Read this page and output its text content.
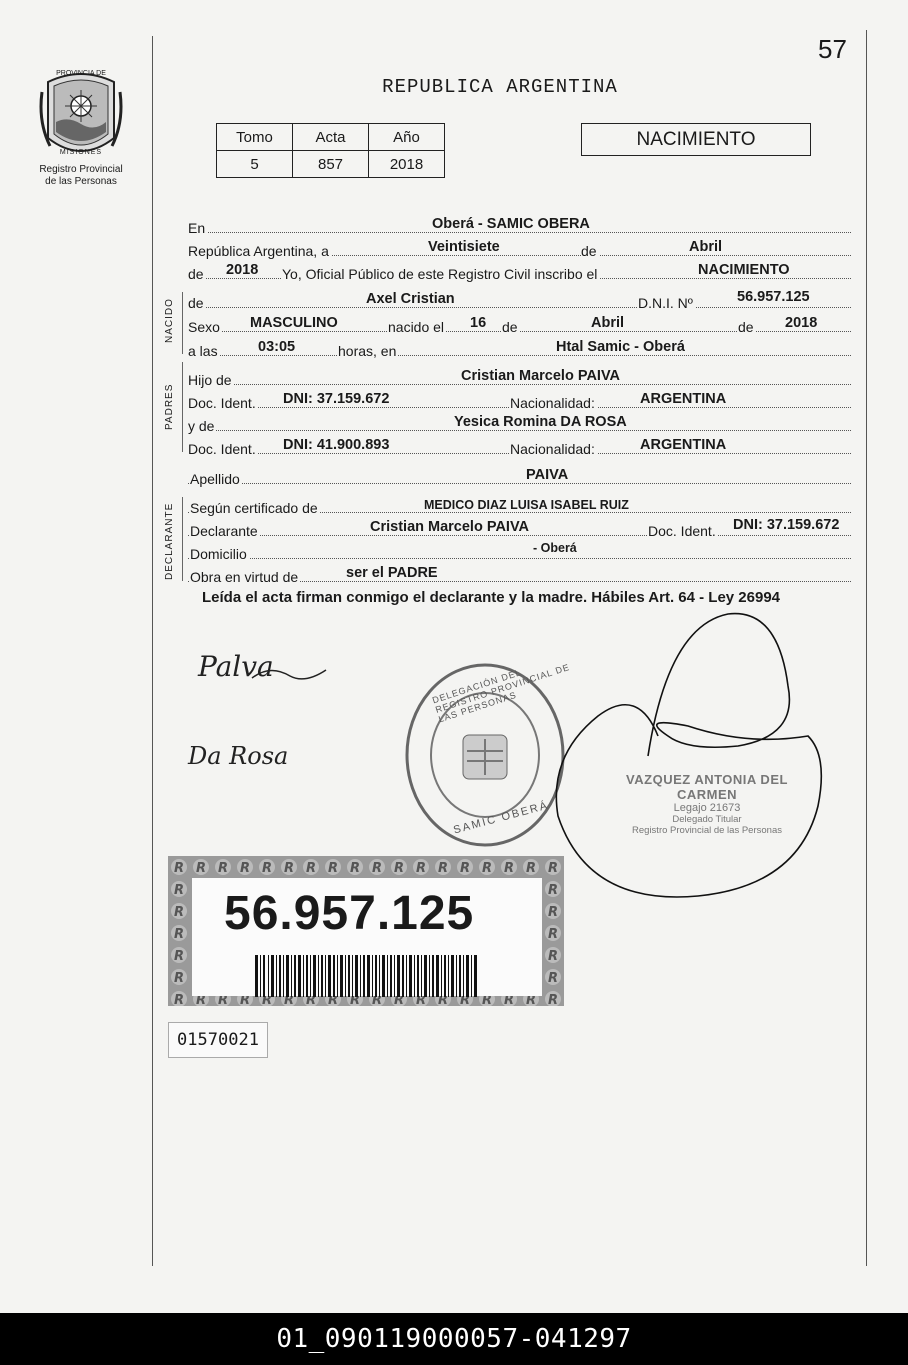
57
PROVINCIA DE
MISIONES
Registro Provincial
de las Personas
REPUBLICA ARGENTINA
Tomo	Acta	Año
5	857	2018
NACIMIENTO
En	Oberá - SAMIC OBERA
República Argentina, a	Veintisiete	de	Abril
de 2018 Yo, Oficial Público de este Registro Civil inscribo el	NACIMIENTO
NACIDO de	Axel Cristian	D.N.I. Nº	56.957.125
Sexo MASCULINO	nacido el 16 de	Abril	de 2018
a las	03:05	horas, en	Htal Samic - Oberá
PADRES
Hijo de	Cristian Marcelo PAIVA
Doc. Ident. DNI: 37.159.672	Nacionalidad:	ARGENTINA
y de	Yesica Romina DA ROSA
Doc. Ident. DNI: 41.900.893	Nacionalidad:	ARGENTINA
Apellido	PAIVA
DECLARANTE Según certificado de	MEDICO DIAZ LUISA ISABEL RUIZ
Declarante	Cristian Marcelo PAIVA	Doc. Ident. DNI: 37.159.672
Domicilio	- Oberá
Obra en virtud de	ser el PADRE
Leída el acta firman conmigo el declarante y la madre. Hábiles Art. 64 - Ley 26994
Palva
Da Rosa
DELEGACIÓN DEL REGISTRO PROVINCIAL DE LAS PERSONAS
SAMIC OBERÁ
VAZQUEZ ANTONIA DEL CARMEN
Legajo 21673
Delegado Titular
Registro Provincial de las Personas
56.957.125
01570021
01_090119000057-041297
